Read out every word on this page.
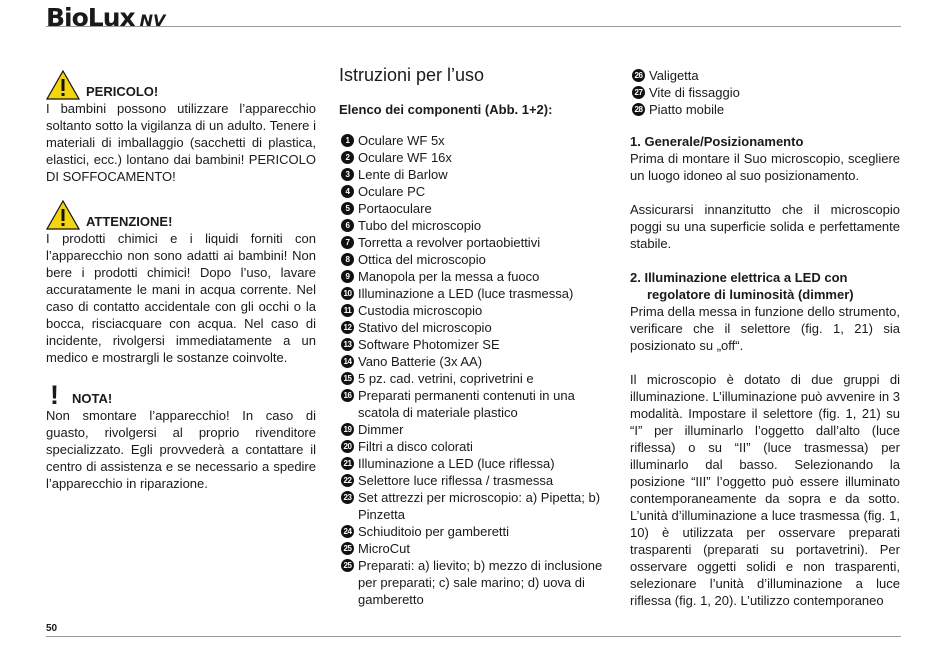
BioLux NV
PERICOLO!

I bambini possono utilizzare l’apparecchio soltanto sotto la vigilanza di un adulto. Tenere i materiali di imballaggio (sacchetti di plastica, elastici, ecc.) lontano dai bambini! PERICOLO DI SOFFOCAMENTO!

ATTENZIONE!

I prodotti chimici e i liquidi forniti con l’apparecchio non sono adatti ai bambini! Non bere i prodotti chimici! Dopo l’uso, lavare accuratamente le mani in acqua corrente. Nel caso di contatto accidentale con gli occhi o la bocca, risciacquare con acqua. Nel caso di incidente, rivolgersi immediatamente a un medico e mostrargli le sostanze coinvolte.

!	NOTA!

Non smontare l’apparecchio! In caso di guasto, rivolgersi al proprio rivenditore specializzato. Egli provvederà a contattare il centro di assistenza e se necessario a spedire l’apparecchio in riparazione.

Istruzioni per l’uso

Elenco dei componenti (Abb. 1+2):

1 Oculare WF 5x
2 Oculare WF 16x
3 Lente di Barlow
4 Oculare PC
5 Portaoculare
6 Tubo del microscopio
7 Torretta a revolver portaobiettivi
8 Ottica del microscopio
9 Manopola per la messa a fuoco
10 Illuminazione a LED (luce trasmessa)
11 Custodia microscopio
12 Stativo del microscopio
13 Software Photomizer SE
14 Vano Batterie (3x AA)
15 5 pz. cad. vetrini, coprivetrini e
16 Preparati permanenti contenuti in una scatola di materiale plastico
19 Dimmer
20 Filtri a disco colorati
21 Illuminazione a LED (luce riflessa)
22 Selettore luce riflessa / trasmessa
23 Set attrezzi per microscopio: a) Pipetta; b) Pinzetta
24 Schiuditoio per gamberetti
25 MicroCut
25 Preparati: a) lievito; b) mezzo di inclusione per preparati; c) sale marino; d) uova di gamberetto
26 Valigetta
27 Vite di fissaggio
28 Piatto mobile

1. Generale/Posizionamento

Prima di montare il Suo microscopio, scegliere un luogo idoneo al suo posizionamento.

Assicurarsi innanzitutto che il microscopio poggi su una superficie solida e perfettamente stabile.

2. Illuminazione elettrica a LED con

regolatore di luminosità (dimmer)

Prima della messa in funzione dello strumento, verificare che il selettore (fig. 1, 21) sia posizionato su „off“.

Il microscopio è dotato di due gruppi di illuminazione. L’illuminazione può avvenire in 3 modalità. Impostare il selettore (fig. 1, 21) su “I” per illuminarlo l’oggetto dall’alto (luce riflessa) o su “II” (luce trasmessa) per illuminarlo dal basso. Selezionando la posizione “III” l’oggetto può essere illuminato contemporaneamente da sopra e da sotto. L’unità d’illuminazione a luce trasmessa (fig. 1, 10) è utilizzata per osservare preparati trasparenti (preparati su portavetrini). Per osservare oggetti solidi e non trasparenti, selezionare l’unità d’illuminazione a luce riflessa (fig. 1, 20). L’utilizzo contemporaneo

50
